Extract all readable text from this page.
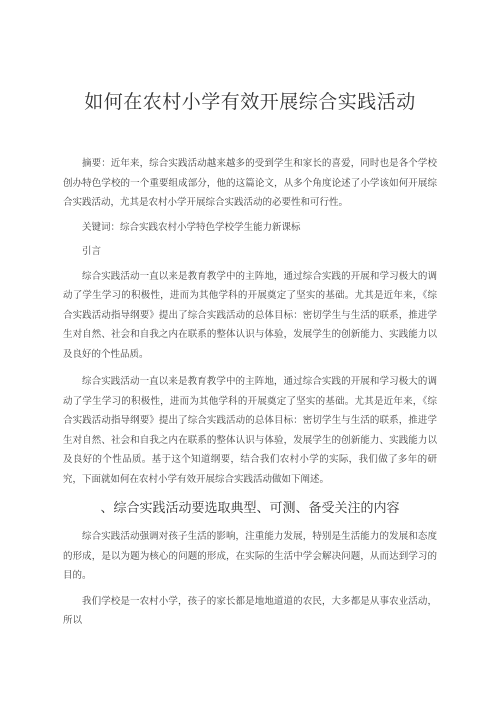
如何在农村小学有效开展综合实践活动

摘要：近年来，综合实践活动越来越多的受到学生和家长的喜爱，同时也是各个学校创办特色学校的一个重要组成部分，他的这篇论文，从多个角度论述了小学该如何开展综合实践活动，尤其是农村小学开展综合实践活动的必要性和可行性。

关键词：综合实践农村小学特色学校学生能力新课标

引言

综合实践活动一直以来是教育教学中的主阵地，通过综合实践的开展和学习极大的调动了学生学习的积极性，进而为其他学科的开展奠定了坚实的基础。尤其是近年来，《综合实践活动指导纲要》提出了综合实践活动的总体目标：密切学生与生活的联系，推进学生对自然、社会和自我之内在联系的整体认识与体验，发展学生的创新能力、实践能力以及良好的个性品质。

综合实践活动一直以来是教育教学中的主阵地，通过综合实践的开展和学习极大的调动了学生学习的积极性，进而为其他学科的开展奠定了坚实的基础。尤其是近年来，《综合实践活动指导纲要》提出了综合实践活动的总体目标：密切学生与生活的联系，推进学生对自然、社会和自我之内在联系的整体认识与体验，发展学生的创新能力、实践能力以及良好的个性品质。基于这个知道纲要，结合我们农村小学的实际，我们做了多年的研究，下面就如何在农村小学有效开展综合实践活动做如下阐述。

、综合实践活动要选取典型、可测、备受关注的内容

综合实践活动强调对孩子生活的影响，注重能力发展，特别是生活能力的发展和态度的形成，是以为题为核心的问题的形成，在实际的生活中学会解决问题，从而达到学习的目的。

我们学校是一农村小学，孩子的家长都是地地道道的农民，大多都是从事农业活动，所以
